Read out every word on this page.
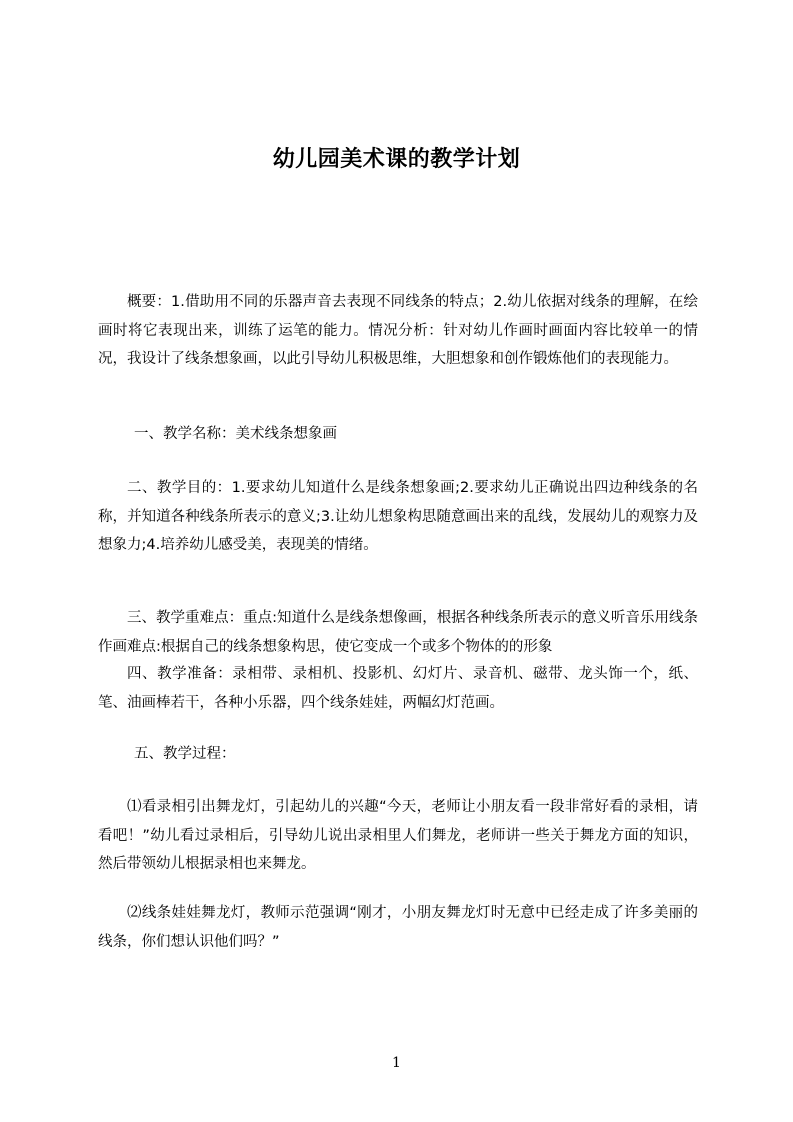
幼儿园美术课的教学计划
概要：1.借助用不同的乐器声音去表现不同线条的特点；2.幼儿依据对线条的理解，在绘画时将它表现出来，训练了运笔的能力。情况分析：针对幼儿作画时画面内容比较单一的情况，我设计了线条想象画，以此引导幼儿积极思维，大胆想象和创作锻炼他们的表现能力。
一、教学名称：美术线条想象画
二、教学目的：1.要求幼儿知道什么是线条想象画;2.要求幼儿正确说出四边种线条的名称，并知道各种线条所表示的意义;3.让幼儿想象构思随意画出来的乱线，发展幼儿的观察力及想象力;4.培养幼儿感受美，表现美的情绪。
三、教学重难点：重点:知道什么是线条想像画，根据各种线条所表示的意义听音乐用线条作画难点:根据自己的线条想象构思，使它变成一个或多个物体的的形象
四、教学准备：录相带、录相机、投影机、幻灯片、录音机、磁带、龙头饰一个，纸、笔、油画棒若干，各种小乐器，四个线条娃娃，两幅幻灯范画。
五、教学过程：
⑴看录相引出舞龙灯，引起幼儿的兴趣“今天，老师让小朋友看一段非常好看的录相，请看吧！”幼儿看过录相后，引导幼儿说出录相里人们舞龙，老师讲一些关于舞龙方面的知识，然后带领幼儿根据录相也来舞龙。
⑵线条娃娃舞龙灯，教师示范强调“刚才，小朋友舞龙灯时无意中已经走成了许多美丽的线条，你们想认识他们吗？”
1
